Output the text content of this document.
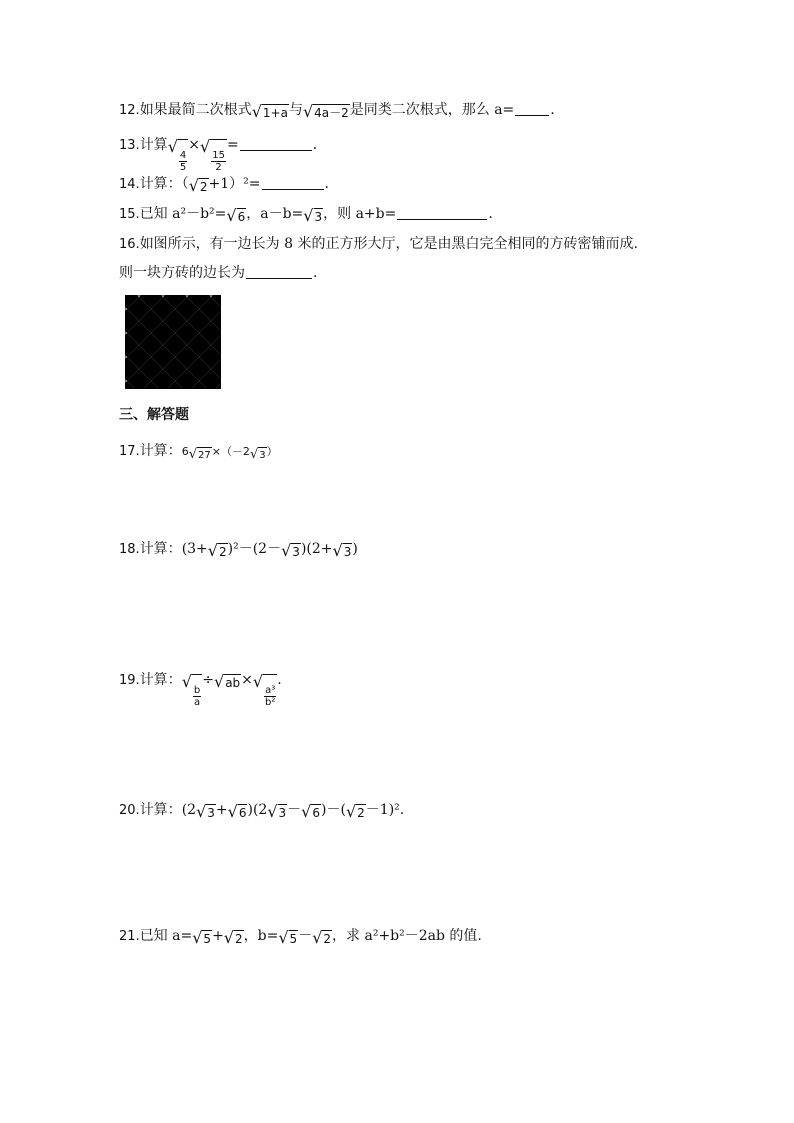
12.如果最简二次根式 √ 1+a 与 √ 4a－2 是同类二次根式，那么 a=	.
13.计算 √
$\frac{4}{5}$
× √
$\frac{15}{2}$
=	.
14.计算：（ √ 2 +1）²=	.
15.已知 a²－b²= √ 6 ，a－b= √ 3 ，则 a+b=	.
16.如图所示，有一边长为 8 米的正方形大厅，它是由黑白完全相同的方砖密铺而成.
则一块方砖的边长为	.
三、解答题
17.计算：6 √ 27 ×（－2 √ 3 ）
18.计算：(3+ √ 2 )²－(2－ √ 3 )(2+ √ 3 )
19.计算： √
$\frac{b}{a}$
÷ √ ab × √
$\frac{\text{a³}}{\text{b²}}$
.
20.计算：(2 √ 3 + √ 6 )(2 √ 3 － √ 6 )－( √ 2 －1)².
21.已知 a= √ 5 + √ 2 ，b= √ 5 － √ 2 ，求 a²+b²－2ab 的值.
